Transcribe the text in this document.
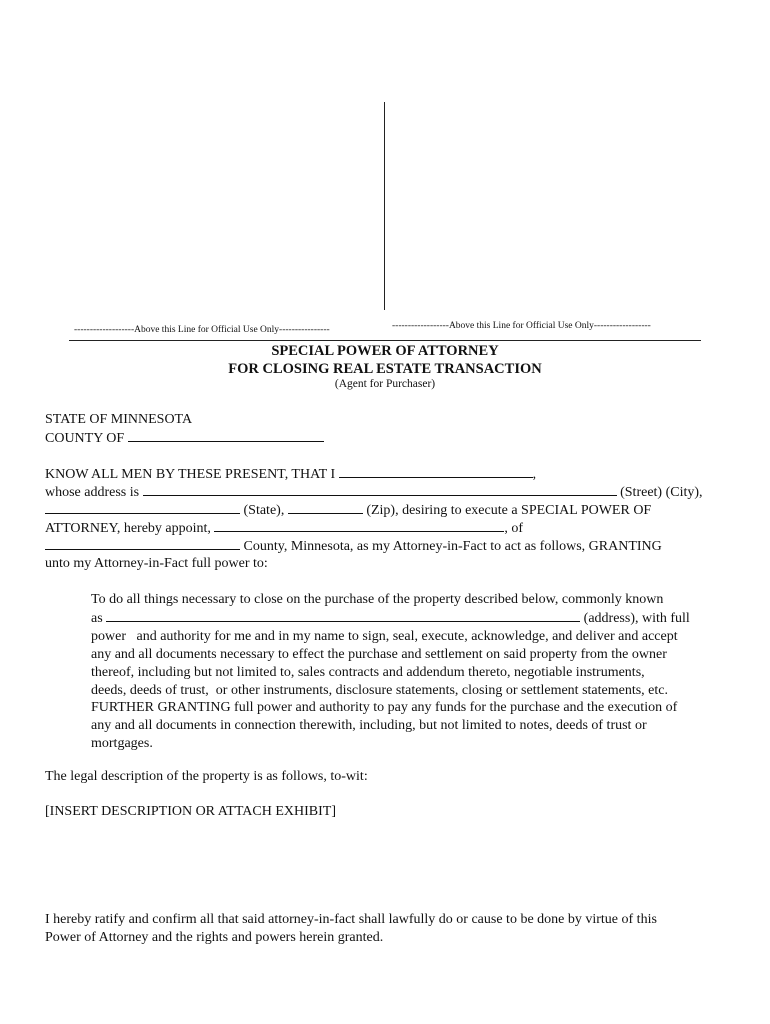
-------------------Above this Line for Official Use Only----------------	------------------Above this Line for Official Use Only------------------
SPECIAL POWER OF ATTORNEY
FOR CLOSING REAL ESTATE TRANSACTION
(Agent for Purchaser)
STATE OF MINNESOTA
COUNTY OF
KNOW ALL MEN BY THESE PRESENT, THAT I	,
whose address is	(Street) (City),
(State),	(Zip), desiring to execute a SPECIAL POWER OF
ATTORNEY, hereby appoint,	, of
County, Minnesota, as my Attorney-in-Fact to act as follows, GRANTING
unto my Attorney-in-Fact full power to:

To do all things necessary to close on the purchase of the property described below, commonly known

as	(address), with full

power   and authority for me and in my name to sign, seal, execute, acknowledge, and deliver and accept

any and all documents necessary to effect the purchase and settlement on said property from the owner

thereof, including but not limited to, sales contracts and addendum thereto, negotiable instruments,

deeds, deeds of trust,  or other instruments, disclosure statements, closing or settlement statements, etc.

FURTHER GRANTING full power and authority to pay any funds for the purchase and the execution of

any and all documents in connection therewith, including, but not limited to notes, deeds of trust or

mortgages.

The legal description of the property is as follows, to-wit:
[INSERT DESCRIPTION OR ATTACH EXHIBIT]
I hereby ratify and confirm all that said attorney-in-fact shall lawfully do or cause to be done by virtue of this
Power of Attorney and the rights and powers herein granted.
